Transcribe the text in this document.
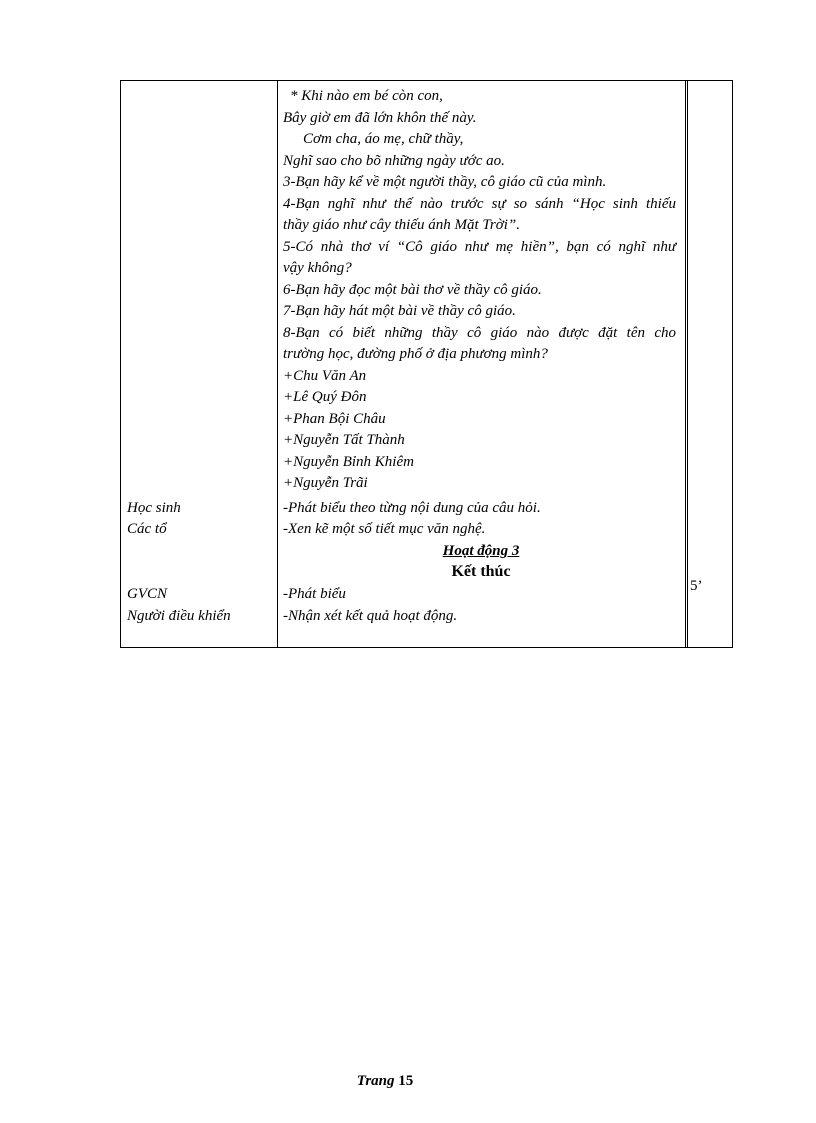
Học sinh
Các tổ
GVCN
Người điều khiển
* Khi nào em bé còn con,
Bây giờ em đã lớn khôn thế này.
Cơm cha, áo mẹ, chữ thầy,
Nghĩ sao cho bõ những ngày ước ao.
3-Bạn hãy kể về một người thầy, cô giáo cũ của mình.
4-Bạn nghĩ như thế nào trước sự so sánh “Học sinh thiếu
thầy giáo như cây thiếu ánh Mặt Trời”.
5-Có nhà thơ ví “Cô giáo như mẹ hiền”, bạn có nghĩ như
vậy không?
6-Bạn hãy đọc một bài thơ về thầy cô giáo.
7-Bạn hãy hát một bài về thầy cô giáo.
8-Bạn có biết những thầy cô giáo nào được đặt tên cho
trường học, đường phố ở địa phương mình?
+Chu Văn An
+Lê Quý Đôn
+Phan Bội Châu
+Nguyễn Tất Thành
+Nguyễn Bỉnh Khiêm
+Nguyễn Trãi
-Phát biểu theo từng nội dung của câu hỏi.
-Xen kẽ một số tiết mục văn nghệ.
Hoạt động 3
Kết thúc
-Phát biểu
-Nhận xét kết quả hoạt động.
5’
Trang 15
